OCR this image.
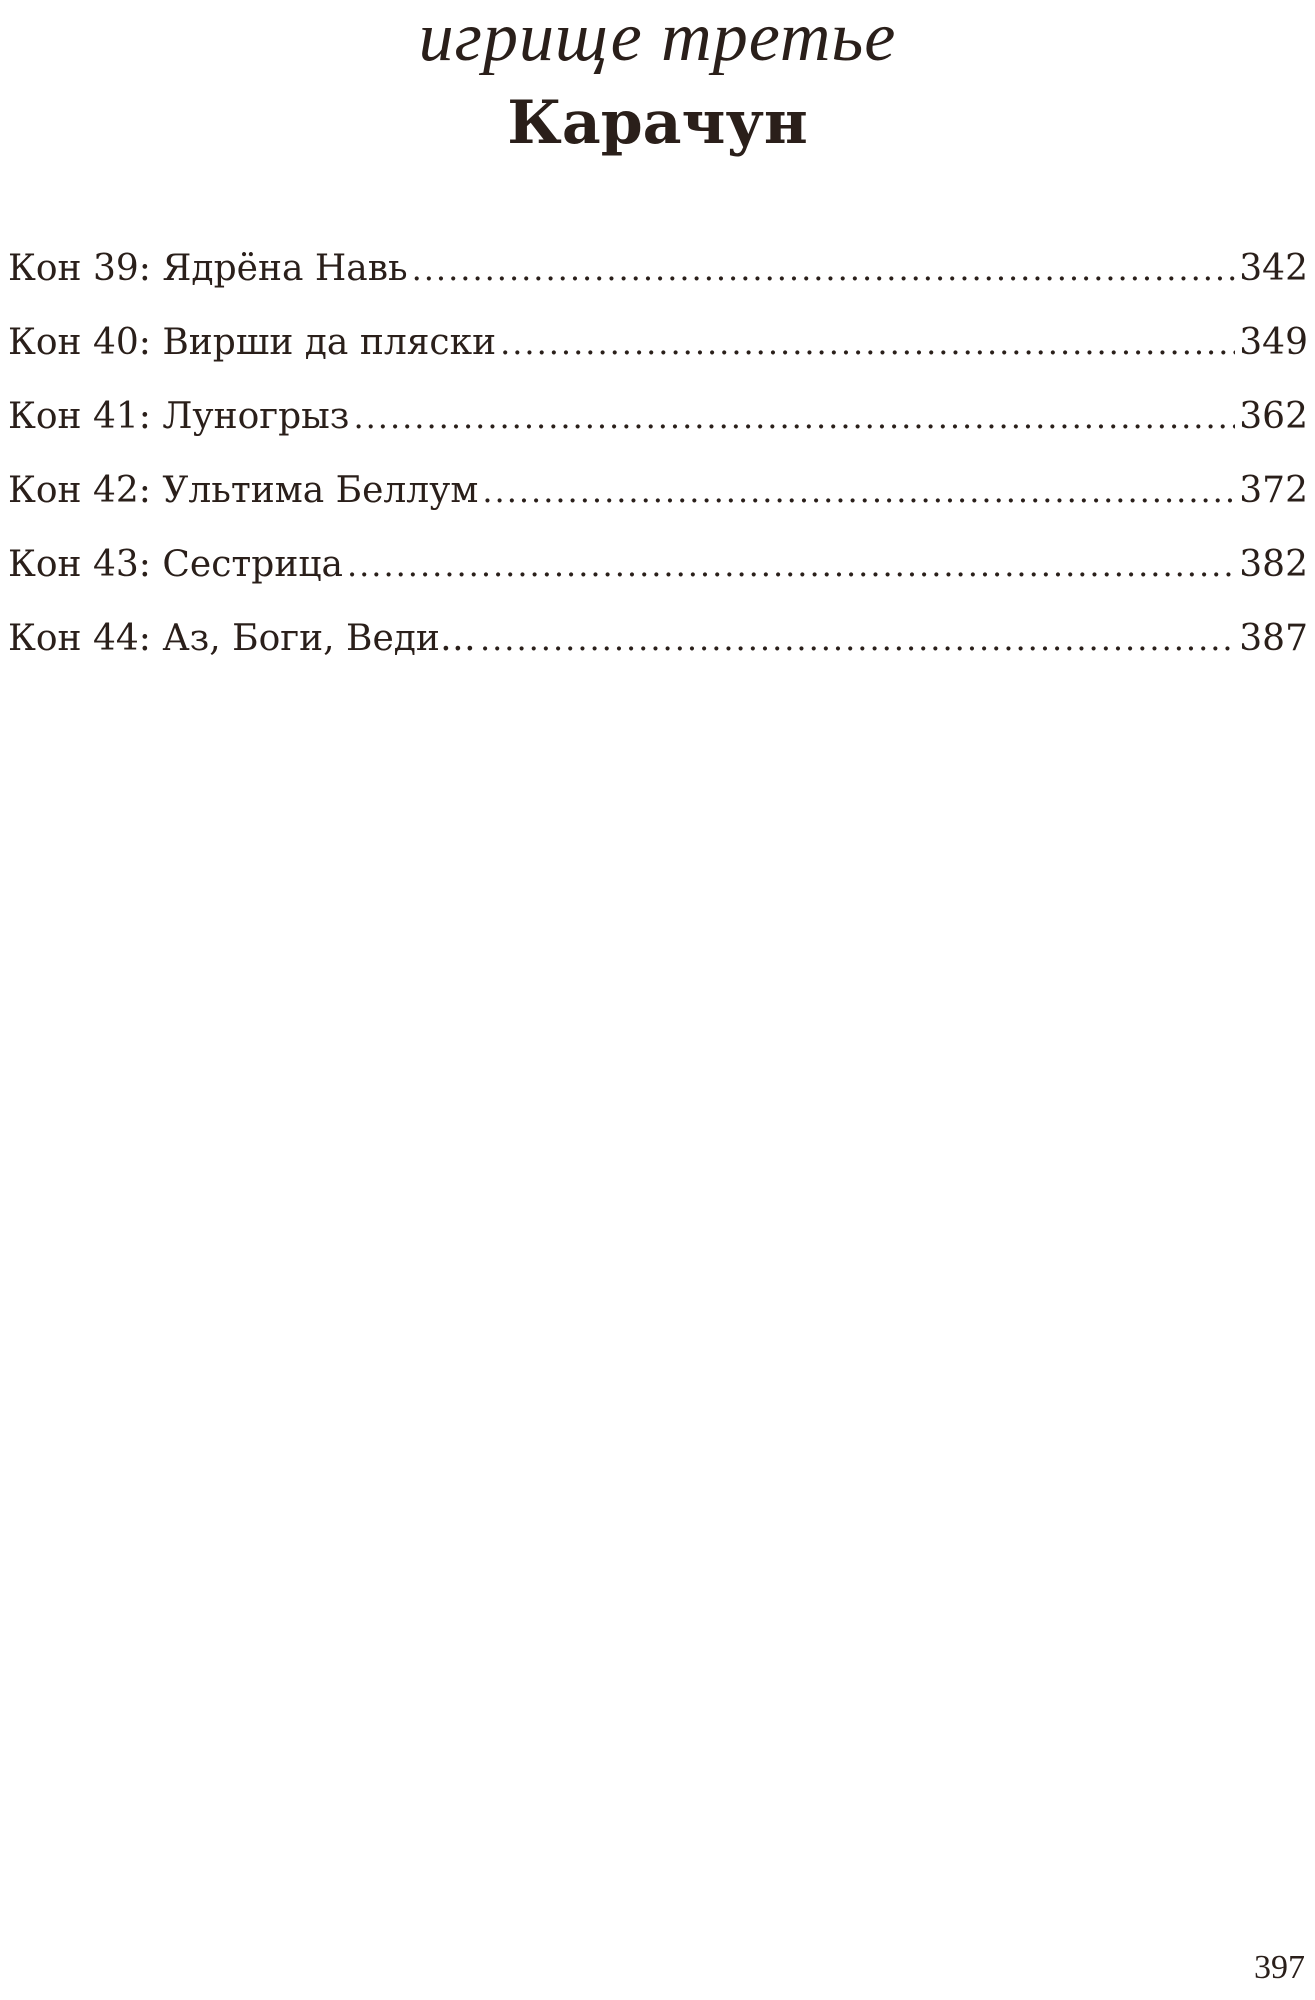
игрище третье
Карачун
Кон 39: Ядрёна Навь .....	342
Кон 40: Вирши да пляски .....	349
Кон 41: Луногрыз .....	362
Кон 42: Ультима Беллум .....	372
Кон 43: Сестрица .....	382
Кон 44: Аз, Боги, Веди… .....	387
397
